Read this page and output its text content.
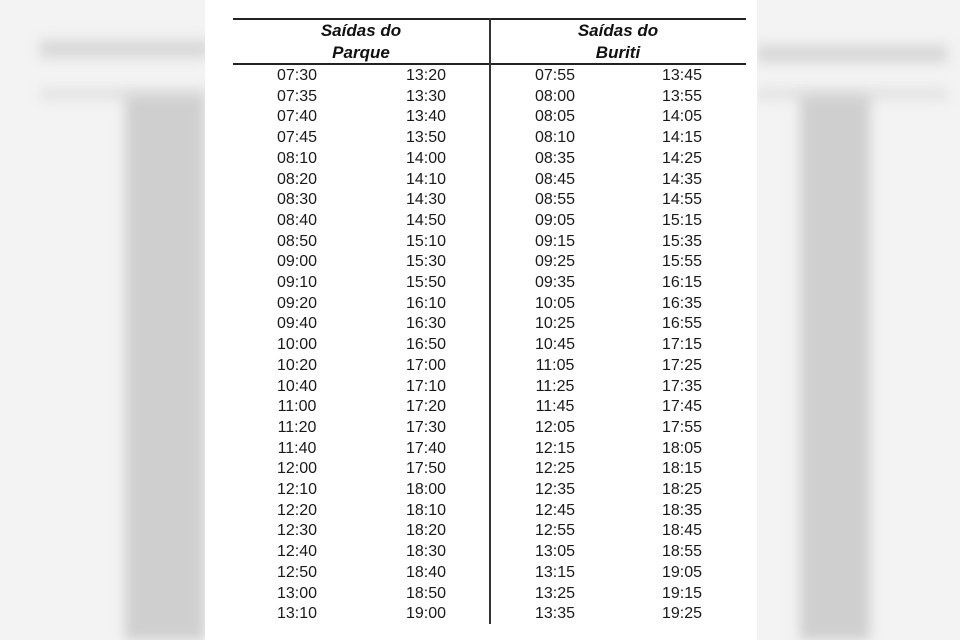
Saídas do
Parque
Saídas do
Buriti
07:30	13:20	07:55	13:45
07:35	13:30	08:00	13:55
07:40	13:40	08:05	14:05
07:45	13:50	08:10	14:15
08:10	14:00	08:35	14:25
08:20	14:10	08:45	14:35
08:30	14:30	08:55	14:55
08:40	14:50	09:05	15:15
08:50	15:10	09:15	15:35
09:00	15:30	09:25	15:55
09:10	15:50	09:35	16:15
09:20	16:10	10:05	16:35
09:40	16:30	10:25	16:55
10:00	16:50	10:45	17:15
10:20	17:00	11:05	17:25
10:40	17:10	11:25	17:35
11:00	17:20	11:45	17:45
11:20	17:30	12:05	17:55
11:40	17:40	12:15	18:05
12:00	17:50	12:25	18:15
12:10	18:00	12:35	18:25
12:20	18:10	12:45	18:35
12:30	18:20	12:55	18:45
12:40	18:30	13:05	18:55
12:50	18:40	13:15	19:05
13:00	18:50	13:25	19:15
13:10	19:00	13:35	19:25
